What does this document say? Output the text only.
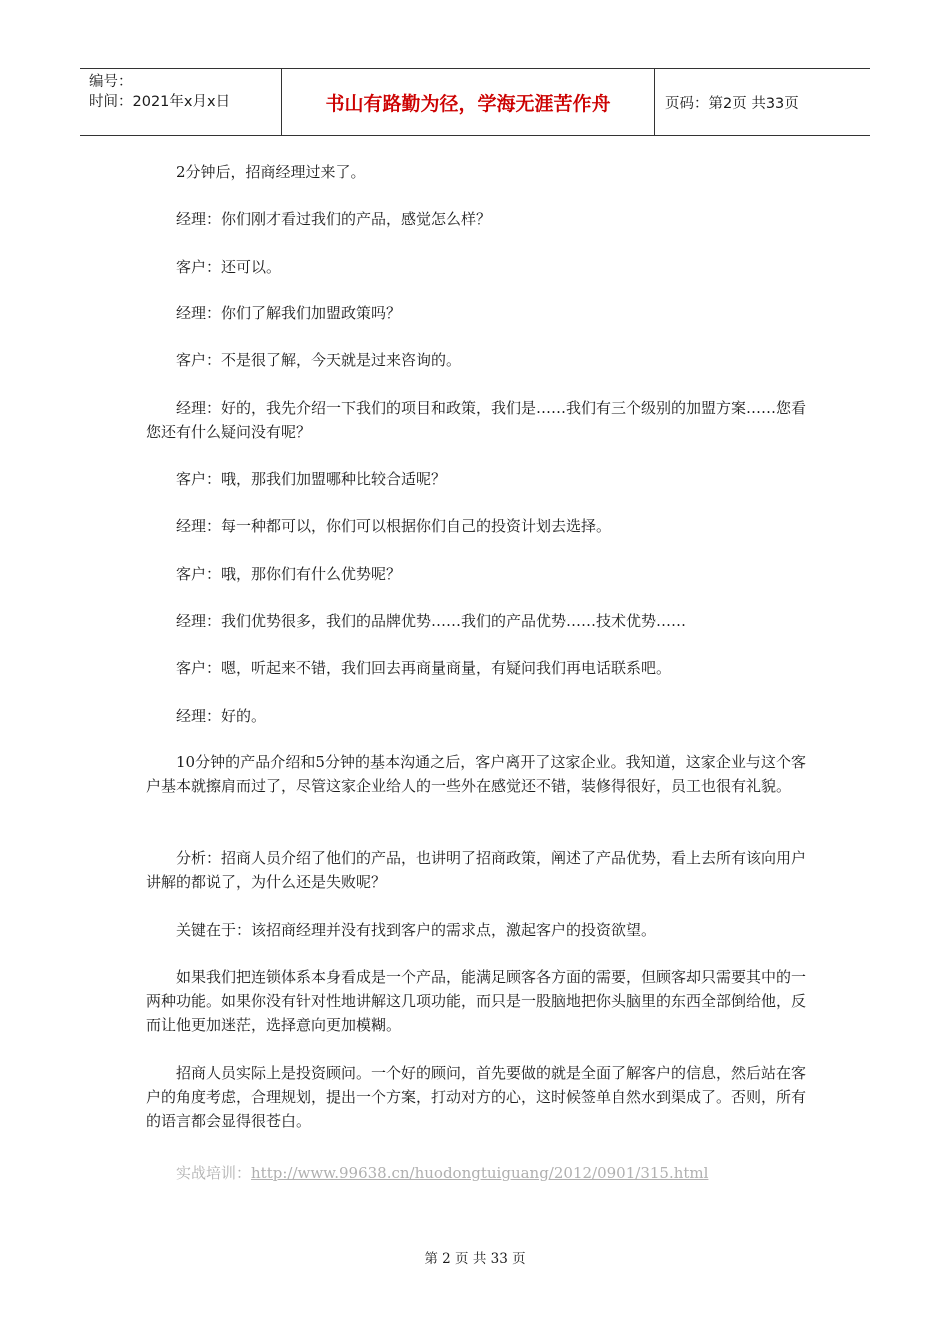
编号：
时间：2021年x月x日	书山有路勤为径，学海无涯苦作舟	页码：第2页 共33页

2分钟后，招商经理过来了。

经理：你们刚才看过我们的产品，感觉怎么样？

客户：还可以。

经理：你们了解我们加盟政策吗？

客户：不是很了解，今天就是过来咨询的。

经理：好的，我先介绍一下我们的项目和政策，我们是……我们有三个级别的加盟方案……您看您还有什么疑问没有呢？

客户：哦，那我们加盟哪种比较合适呢？

经理：每一种都可以，你们可以根据你们自己的投资计划去选择。

客户：哦，那你们有什么优势呢？

经理：我们优势很多，我们的品牌优势……我们的产品优势……技术优势……

客户：嗯，听起来不错，我们回去再商量商量，有疑问我们再电话联系吧。

经理：好的。

10分钟的产品介绍和5分钟的基本沟通之后，客户离开了这家企业。我知道，这家企业与这个客户基本就擦肩而过了，尽管这家企业给人的一些外在感觉还不错，装修得很好，员工也很有礼貌。

分析：招商人员介绍了他们的产品，也讲明了招商政策，阐述了产品优势，看上去所有该向用户讲解的都说了，为什么还是失败呢？

关键在于：该招商经理并没有找到客户的需求点，激起客户的投资欲望。

如果我们把连锁体系本身看成是一个产品，能满足顾客各方面的需要，但顾客却只需要其中的一两种功能。如果你没有针对性地讲解这几项功能，而只是一股脑地把你头脑里的东西全部倒给他，反而让他更加迷茫，选择意向更加模糊。

招商人员实际上是投资顾问。一个好的顾问，首先要做的就是全面了解客户的信息，然后站在客户的角度考虑，合理规划，提出一个方案，打动对方的心，这时候签单自然水到渠成了。否则，所有的语言都会显得很苍白。

实战培训：http://www.99638.cn/huodongtuiguang/2012/0901/315.html

第 2 页 共 33 页
